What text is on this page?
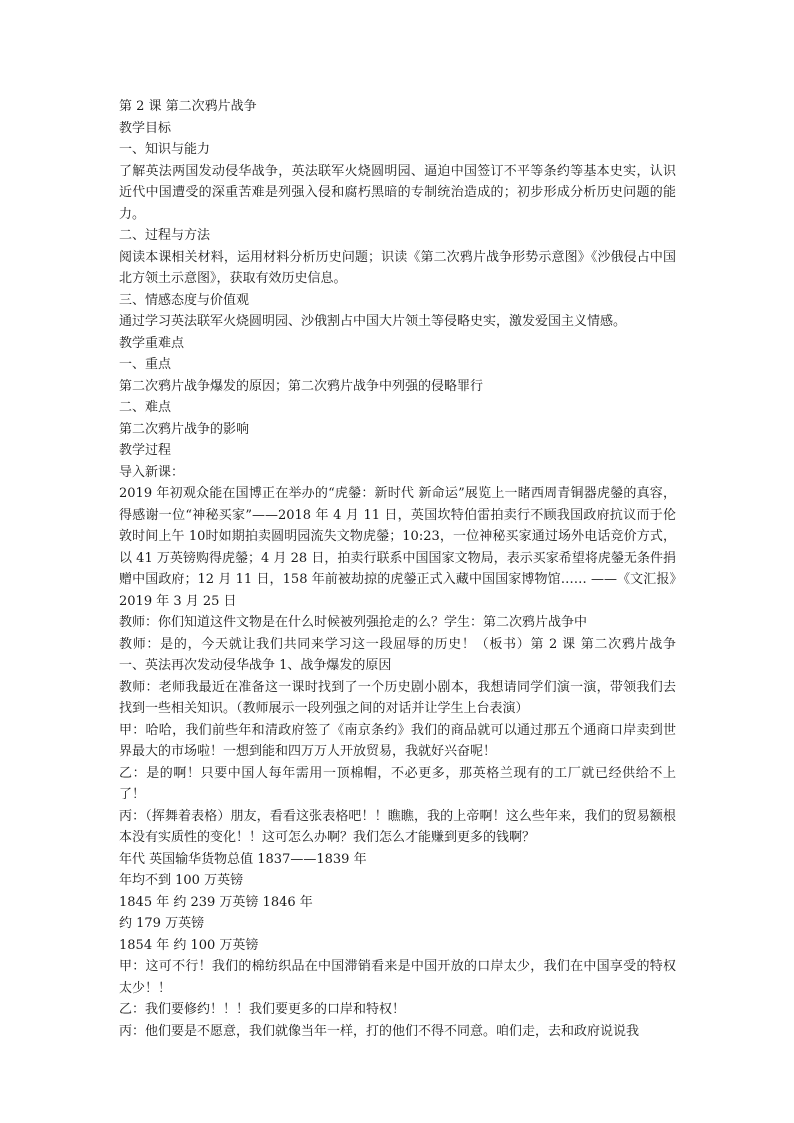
第 2 课 第二次鸦片战争

教学目标

一、知识与能力

了解英法两国发动侵华战争，英法联军火烧圆明园、逼迫中国签订不平等条约等基本史实，认识近代中国遭受的深重苦难是列强入侵和腐朽黑暗的专制统治造成的；初步形成分析历史问题的能力。

二、过程与方法

阅读本课相关材料，运用材料分析历史问题；识读《第二次鸦片战争形势示意图》《沙俄侵占中国北方领土示意图》，获取有效历史信息。

三、情感态度与价值观

通过学习英法联军火烧圆明园、沙俄割占中国大片领土等侵略史实，激发爱国主义情感。

教学重难点

一、重点

第二次鸦片战争爆发的原因；第二次鸦片战争中列强的侵略罪行

二、难点

第二次鸦片战争的影响

教学过程

导入新课：

2019 年初观众能在国博正在举办的“虎鎣：新时代 新命运”展览上一睹西周青铜器虎鎣的真容，得感谢一位“神秘买家”——2018 年 4 月 11 日，英国坎特伯雷拍卖行不顾我国政府抗议而于伦敦时间上午 10时如期拍卖圆明园流失文物虎鎣；10:23，一位神秘买家通过场外电话竞价方式，以 41 万英镑购得虎鎣；4 月 28 日，拍卖行联系中国国家文物局，表示买家希望将虎鎣无条件捐赠中国政府；12 月 11 日，158 年前被劫掠的虎鎣正式入藏中国国家博物馆…… ——《文汇报》2019 年 3 月 25 日

教师：你们知道这件文物是在什么时候被列强抢走的么？学生：第二次鸦片战争中

教师：是的，今天就让我们共同来学习这一段屈辱的历史！（板书）第 2 课 第二次鸦片战争 一、英法再次发动侵华战争 1、战争爆发的原因

教师：老师我最近在准备这一课时找到了一个历史剧小剧本，我想请同学们演一演，带领我们去找到一些相关知识。（教师展示一段列强之间的对话并让学生上台表演）

甲：哈哈，我们前些年和清政府签了《南京条约》我们的商品就可以通过那五个通商口岸卖到世界最大的市场啦！一想到能和四万万人开放贸易，我就好兴奋呢！

乙：是的啊！只要中国人每年需用一顶棉帽，不必更多，那英格兰现有的工厂就已经供给不上了！

丙：（挥舞着表格）朋友，看看这张表格吧！！瞧瞧，我的上帝啊！这么些年来，我们的贸易额根本没有实质性的变化！！这可怎么办啊？我们怎么才能赚到更多的钱啊？

年代 英国输华货物总值 1837——1839 年

年均不到 100 万英镑

1845 年 约 239 万英镑 1846 年

约 179 万英镑

1854 年 约 100 万英镑

甲：这可不行！我们的棉纺织品在中国滞销看来是中国开放的口岸太少，我们在中国享受的特权太少！！

乙：我们要修约！！！我们要更多的口岸和特权！

丙：他们要是不愿意，我们就像当年一样，打的他们不得不同意。咱们走，去和政府说说我
